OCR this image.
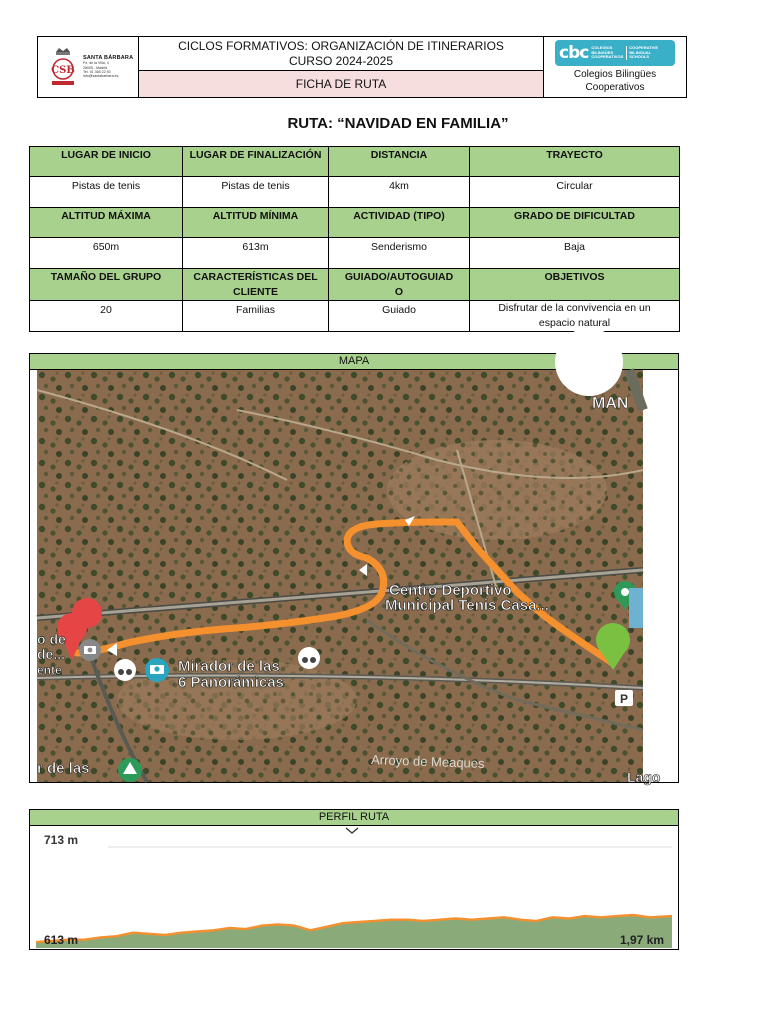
CSB
SANTA BÁRBARA
Pz. de la Villa, 4
28005 - Madrid
Tel. 91 365 22 40
info@santabarbara.es
CICLOS FORMATIVOS: ORGANIZACIÓN DE ITINERARIOS
CURSO 2024-2025
FICHA DE RUTA
cbc COLEGIOS
BILINGÜES
COOPERATIVOS
COOPERATIVE
BILINGUAL
SCHOOLS
Colegios Bilingües
Cooperativos
RUTA: “NAVIDAD EN FAMILIA”
LUGAR DE INICIO	LUGAR DE FINALIZACIÓN	DISTANCIA	TRAYECTO
Pistas de tenis	Pistas de tenis	4km	Circular
ALTITUD MÁXIMA	ALTITUD MÍNIMA	ACTIVIDAD (TIPO)	GRADO DE DIFICULTAD
650m	613m	Senderismo	Baja
TAMAÑO DEL GRUPO	CARACTERÍSTICAS DEL CLIENTE	GUIADO/AUTOGUIADO	OBJETIVOS
20	Familias	Guiado	Disfrutar de la convivencia en un espacio natural
MAPA
MAN
P
Centro Deportivo
Municipal Tenis Casa...
Mirador de las
6 Panorámicas
o de
de...
ente
r de las	Lago
Arroyo de Meaques
PERFIL RUTA
713 m
613 m	1,97 km
